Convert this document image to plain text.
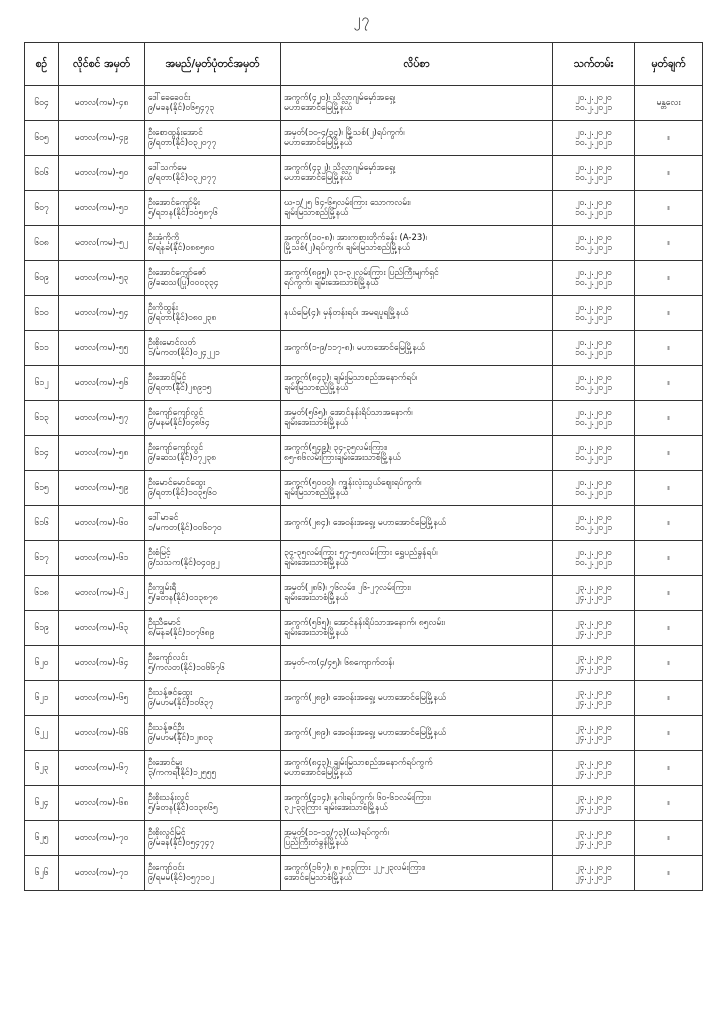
၂၇
စဉ်	လိုင်စင် အမှတ်	အမည်/မှတ်ပုံတင်အမှတ်	လိပ်စာ	သက်တမ်း	မှတ်ချက်
၆၀၄	မတလ(ကမ)-၄၈	ဒေါ်ခေခေဝင်း
၉/မခန(နိုင်)၀၆၅၄၇၃	အကွက်(၄၂၀)၊ သိလ္လာဂျမ်မှော်အရှေ့၊
မဟာအောင်မြေမြို့နယ်	၂၀.၂.၂၀၂၀
၁၀.၂.၂၀၂၁	မန္တလေး
၆၀၅	မတလ(ကမ)-၄၉	ဦးစောထွန်းအောင်
၉/ရတာ(နိုင်)၀၃၂၀၇၇	အမှတ်(၁၀-၄/၃၄)၊ မြို့သစ်(၂)ရပ်ကွက်၊
မဟာအောင်မြေမြို့နယ်	၂၀.၂.၂၀၂၀
၁၀.၂.၂၀၂၁	။
၆၀၆	မတလ(ကမ)-၅၀	ဒေါ်သက်မေ
၉/ရတာ(နိုင်)၀၃၂၀၇၇	အကွက်(၄၃၂)၊ သိလ္လာဂျမ်မှော်အရှေ့၊
မဟာအောင်မြေမြို့နယ်	၂၀.၂.၂၀၂၀
၁၀.၂.၂၀၂၁	။
၆၀၇	မတလ(ကမ)-၅၁	ဦးအောင်ကျော်မိုး
၅/ရဘန(နိုင်)၁၀၅၈၇၆	ဃ-၁/၂၅ ၆၄-၆၅လမ်းကြား သောကလမ်း၊
ချမ်းမြသာစည်မြို့နယ်	၂၀.၂.၂၀၂၀
၁၀.၂.၂၀၂၁	။
၆၀၈	မတလ(ကမ)-၅၂	ဦးအုံကိုကို
၈/ရနခ(နိုင်)၀၈၈၅၈၀	အကွက်(၁၀-၈)၊ အားကစားတိုက်ခန်း (A-23)၊
မြို့သစ်(၂)ရပ်ကွက်၊ ချမ်းမြသာစည်မြို့နယ်	၂၀.၂.၂၀၂၀
၁၀.၂.၂၀၂၁	။
၆၀၉	မတလ(ကမ)-၅၃	ဦးအောင်ကျော်ဇော်
၉/ခဆသ(ပြု)၀၀၀၃၃၄	အကွက်(၈၉၅)၊ ၃၁-၃၂လမ်းကြား ပြည်ကြီးမျက်ရှင်
ရပ်ကွက်၊ ချမ်းအေးသာစံမြို့နယ်	၂၀.၂.၂၀၂၀
၁၀.၂.၂၀၂၁	။
၆၁၀	မတလ(ကမ)-၅၄	ဦးကိုထွန်း
၉/ရတာ(နိုင်)၀၈၀၂၃၈	နယ်မြေ(၄)၊ မှန်တန်းရပ်၊ အမရပူရမြို့နယ်	၂၀.၂.၂၀၂၀
၁၀.၂.၂၀၂၁	။
၆၁၁	မတလ(ကမ)-၅၅	ဦးစိုးမောင်လတ်
၁/မကတ(နိုင်)၀၂၄၂၂၁	အကွက်(၁-၉/၁၁၇-၈)၊ မဟာအောင်မြေမြို့နယ်	၂၀.၂.၂၀၂၀
၁၀.၂.၂၀၂၁	။
၆၁၂	မတလ(ကမ)-၅၆	ဦးအောင်မြင့်
၉/ရတာ(နိုင်)၂၈၉၁၅	အကွက်(၈၄၃)၊ ချမ်းမြသာစည်အနောက်ရပ်၊
ချမ်းမြသာစည်မြို့နယ်	၂၀.၂.၂၀၂၀
၁၀.၂.၂၀၂၁	။
၆၁၃	မတလ(ကမ)-၅၇	ဦးကျော်ကျော်လွင်
၉/မနမ(နိုင်)၀၄၈၆၄	အမှတ်(၅၆၅)၊ အောင်နန်းရိပ်သာအနောက်၊
ချမ်းအေးသာစံမြို့နယ်	၂၀.၂.၂၀၂၀
၁၀.၂.၂၀၂၁	။
၆၁၄	မတလ(ကမ)-၅၈	ဦးကျော်ကျော်လွင်
၉/ခဆသ(နိုင်)၀၇၂၃၈	အကွက်(၅၄၉)၊ ၃၄-၃၅လမ်းကြား၊
၈၅-၈၆လမ်းကြားချမ်းအေးသာစံမြို့နယ်	၂၀.၂.၂၀၂၀
၁၀.၂.၂၀၂၁	။
၆၁၅	မတလ(ကမ)-၅၉	ဦးမောင်မောင်ထွေး
၉/ရတာ(နိုင်)၁၀၃၅၆၀	အကွက်(၅၀၀၀)၊ ကျွန်းလုံးသွယ်ဈေးရပ်ကွက်၊
ချမ်းမြသာစည်မြို့နယ်	၂၀.၂.၂၀၂၀
၁၀.၂.၂၀၂၁	။
၆၁၆	မတလ(ကမ)-၆၀	ဒေါ်မာခင်
၁/မကတ(နိုင်)၀၀၆၀၇၀	အကွက်(၂၈၄)၊ အေဝန်းအရှေ့၊ မဟာအောင်မြေမြို့နယ်	၂၀.၂.၂၀၂၀
၁၀.၂.၂၀၂၁	။
၆၁၇	မတလ(ကမ)-၆၁	ဦးစံမြင့်
၉/သသက(နိုင်)၀၄၀၉၂	၃၄-၃၅လမ်းကြား ၅၇-၅၈လမ်းကြား ရွှေပည်ခွန်ရပ်၊
ချမ်းအေးသာစံမြို့နယ်	၂၀.၂.၂၀၂၀
၁၀.၂.၂၀၂၁	။
၆၁၈	မတလ(ကမ)-၆၂	ဦးကျွမ်းရီ
၅/ခတန(နိုင်)၀၁၃၈၇၈	အမှတ်(၂၈၆)၊ ၇၆လမ်း၊ ၂၆-၂၇လမ်းကြား၊
ချမ်းအေးသာစံမြို့နယ်	၂၃.၂.၂၀၂၀
၂၄.၂.၂၀၂၁	။
၆၁၉	မတလ(ကမ)-၆၃	ဦးညီမောင်
၈/မနခ(နိုင်)၁၀၇၆၈၉	အကွက်(၅၆၅)၊ အောင်နန်းရိပ်သာအနောက်၊ ၈၅လမ်း၊
ချမ်းအေးသာစံမြို့နယ်	၂၃.၂.၂၀၂၀
၂၄.၂.၂၀၂၁	။
၆၂၀	မတလ(ကမ)-၆၄	ဦးကျော်လင်း
၅/ကလတ(နိုင်)၁၀၆၆၇၆	အမှတ်-က(၄/၄၅)၊ ၆၈ကျောက်တန်၊	၂၃.၂.၂၀၂၀
၂၄.၂.၂၀၂၁	။
၆၂၁	မတလ(ကမ)-၆၅	ဦးသန့်ဇင်ထွေး
၉/မဟမ(နိုင်)၁၀၆၃၇	အကွက်(၂၈၉)၊ အေဝန်းအရှေ့၊ မဟာအောင်မြေမြို့နယ်	၂၃.၂.၂၀၂၀
၂၄.၂.၂၀၂၁	။
၆၂၂	မတလ(ကမ)-၆၆	ဦးသန့်ဇင်ဦး
၉/မဟမ(နိုင်)၁၂၈၀၃	အကွက်(၂၈၉)၊ အေဝန်းအရှေ့၊ မဟာအောင်မြေမြို့နယ်	၂၃.၂.၂၀၂၀
၂၄.၂.၂၀၂၁	။
၆၂၃	မတလ(ကမ)-၆၇	ဦးအောင်မှူး
၃/ကကရ(နိုင်)၁၂၅၅၅	အကွက်(၈၄၃)၊ ချမ်းမြသာစည်အနောက်ရပ်ကွက်
မဟာအောင်မြေမြို့နယ်	၂၃.၂.၂၀၂၀
၂၄.၂.၂၀၂၁	။
၆၂၄	မတလ(ကမ)-၆၈	ဦးစိုးသန်းလွင်
၅/ခတန(နိုင်)၀၁၃၈၆၅	အကွက်(၄၁၄)၊ နဂါးရပ်ကွက်၊ ၆၀-၆၁လမ်းကြား၊
၃၂-၃၃ကြား ချမ်းအေးသာစံမြို့နယ်	၂၃.၂.၂၀၂၀
၂၄.၂.၂၀၂၁	။
၆၂၅	မတလ(ကမ)-၇၀	ဦးစိုးလွင်မြင့်
၉/မခန(နိုင်)၀၅၄၇၄၇	အမှတ်(၁၁-၁၃/၇၃)(ဃ)ရပ်ကွက်၊
ပြည်ကြီးတံခွန်မြို့နယ်	၂၃.၂.၂၀၂၀
၂၄.၂.၂၀၂၁	။
၆၂၆	မတလ(ကမ)-၇၁	ဦးကျော်ဝင်း
၉/ရမမ(နိုင်)၀၅၇၁၀၂	အကွက်(၁၆၇)၊ ၈၂-၈၃ကြား ၂၂-၂၃လမ်းကြား၊
အောင်မြေသာစံမြို့နယ်	၂၃.၂.၂၀၂၀
၂၄.၂.၂၀၂၁	။
